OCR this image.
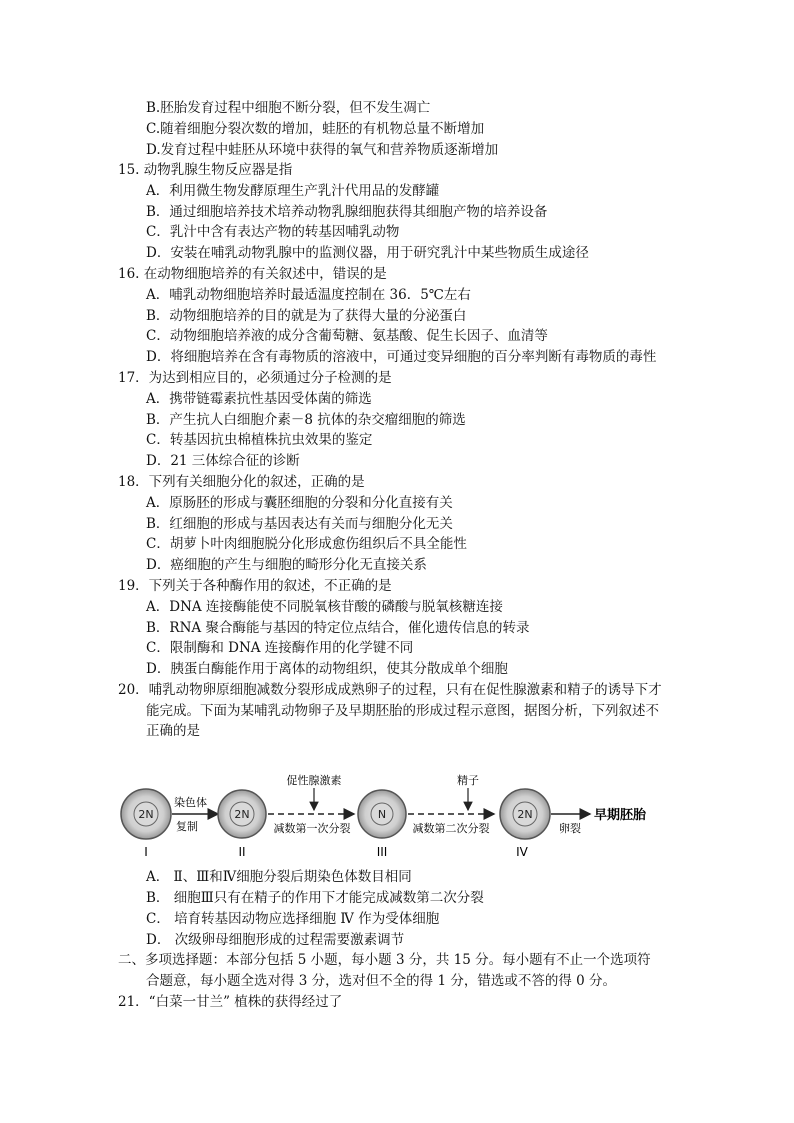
B.胚胎发育过程中细胞不断分裂，但不发生凋亡
C.随着细胞分裂次数的增加，蛙胚的有机物总量不断增加
D.发育过程中蛙胚从环境中获得的氧气和营养物质逐渐增加
15. 动物乳腺生物反应器是指
A．利用微生物发酵原理生产乳汁代用品的发酵罐
B．通过细胞培养技术培养动物乳腺细胞获得其细胞产物的培养设备
C．乳汁中含有表达产物的转基因哺乳动物
D．安装在哺乳动物乳腺中的监测仪器，用于研究乳汁中某些物质生成途径
16. 在动物细胞培养的有关叙述中，错误的是
A．哺乳动物细胞培养时最适温度控制在 36．5℃左右
B．动物细胞培养的目的就是为了获得大量的分泌蛋白
C．动物细胞培养液的成分含葡萄糖、氨基酸、促生长因子、血清等
D．将细胞培养在含有毒物质的溶液中，可通过变异细胞的百分率判断有毒物质的毒性
17．为达到相应目的，必须通过分子检测的是
A．携带链霉素抗性基因受体菌的筛选
B．产生抗人白细胞介素－8 抗体的杂交瘤细胞的筛选
C．转基因抗虫棉植株抗虫效果的鉴定
D．21 三体综合征的诊断
18．下列有关细胞分化的叙述，正确的是
A．原肠胚的形成与囊胚细胞的分裂和分化直接有关
B．红细胞的形成与基因表达有关而与细胞分化无关
C．胡萝卜叶肉细胞脱分化形成愈伤组织后不具全能性
D．癌细胞的产生与细胞的畸形分化无直接关系
19．下列关于各种酶作用的叙述，不正确的是
A．DNA 连接酶能使不同脱氧核苷酸的磷酸与脱氧核糖连接
B．RNA 聚合酶能与基因的特定位点结合，催化遗传信息的转录
C．限制酶和 DNA 连接酶作用的化学键不同
D．胰蛋白酶能作用于离体的动物组织，使其分散成单个细胞
20．哺乳动物卵原细胞减数分裂形成成熟卵子的过程，只有在促性腺激素和精子的诱导下才
能完成。下面为某哺乳动物卵子及早期胚胎的形成过程示意图，据图分析，下列叙述不
正确的是
2N
I
染色体
复制
2N
II
促性腺激素
减数第一次分裂
N
III
精子
减数第二次分裂
2N
IV
卵裂
早期胚胎
A． Ⅱ、Ⅲ和Ⅳ细胞分裂后期染色体数目相同
B． 细胞Ⅲ只有在精子的作用下才能完成减数第二次分裂
C． 培育转基因动物应选择细胞 Ⅳ 作为受体细胞
D． 次级卵母细胞形成的过程需要激素调节
二、多项选择题：本部分包括 5 小题，每小题 3 分，共 15 分。每小题有不止一个选项符
合题意，每小题全选对得 3 分，选对但不全的得 1 分，错选或不答的得 0 分。
21．“白菜一甘兰” 植株的获得经过了
